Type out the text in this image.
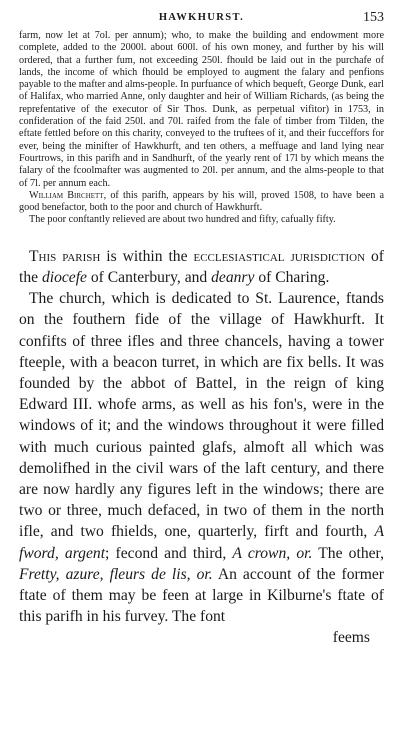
HAWKHURST.	153

farm, now let at 7ol. per annum); who, to make the building and endowment more complete, added to the 2000l. about 600l. of his own money, and further by his will ordered, that a further fum, not exceeding 250l. fhould be laid out in the purchafe of lands, the income of which fhould be employed to augment the falary and penfions payable to the mafter and alms-people. In purfuance of which bequeft, George Dunk, earl of Halifax, who married Anne, only daughter and heir of William Richards, (as being the reprefentative of the executor of Sir Thos. Dunk, as perpetual vifitor) in 1753, in confideration of the faid 250l. and 70l. raifed from the fale of timber from Tilden, the eftate fettled before on this charity, conveyed to the truftees of it, and their fucceffors for ever, being the minifter of Hawkhurft, and ten others, a meffuage and land lying near Fourtrows, in this parifh and in Sandhurft, of the yearly rent of 17l by which means the falary of the fcoolmafter was augmented to 20l. per annum, and the alms-people to that of 7l. per annum each.

William Birchett, of this parifh, appears by his will, proved 1508, to have been a good benefactor, both to the poor and church of Hawkhurft.

The poor conftantly relieved are about two hundred and fifty, cafually fifty.

This parish is within the ecclesiastical jurisdiction of the diocefe of Canterbury, and deanry of Charing.

The church, which is dedicated to St. Laurence, ftands on the fouthern fide of the village of Hawkhurft. It confifts of three ifles and three chancels, having a tower fteeple, with a beacon turret, in which are fix bells. It was founded by the abbot of Battel, in the reign of king Edward III. whofe arms, as well as his fon's, were in the windows of it; and the windows throughout it were filled with much curious painted glafs, almoft all which was demolifhed in the civil wars of the laft century, and there are now hardly any figures left in the windows; there are two or three, much defaced, in two of them in the north ifle, and two fhields, one, quarterly, firft and fourth, A fword, argent; fecond and third, A crown, or. The other, Fretty, azure, fleurs de lis, or. An account of the former ftate of them may be feen at large in Kilburne's ftate of this parifh in his furvey. The font

feems
